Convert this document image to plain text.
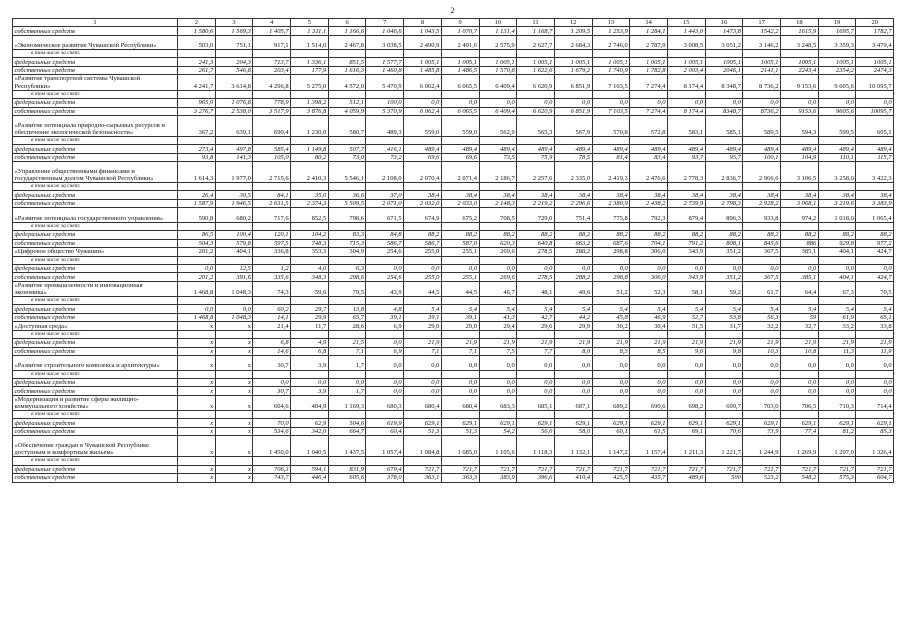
2
1	2	3	4	5	6	7	8	9	10	11	12	13	14	15	16	17	18	19	20
собственных средств	1 580,6	1 569,3	1 405,7	1 311,1	1 166,6	1 046,6	1 043,5	1 070,7	1 131,4	1 168,7	1 209,5	1 253,9	1 284,1	1 443,0	1473,8	1542,2	1615,9	1695,7	1782,7
«Экономическое развитие Чувашской Республики»	503,0	751,1	917,1	1 514,0	2 467,8	3 038,5	2 490,9	2 491,6	2 575,9	2 627,7	2 684,3	2 746,0	2 787,9	3 008,5	3 051,2	3 146,2	3 248,5	3 359,3	3 479,4
в том числе за счет:																			
федеральных средств	241,3	204,3	713,7	1 336,1	851,5	1 577,7	1 005,1	1 005,1	1 005,1	1 005,1	1 005,1	1 005,1	1 005,1	1 005,1	1005,1	1005,1	1005,1	1005,1	1005,1
собственных средств	261,7	546,8	203,4	177,9	1 616,3	1 460,8	1 485,8	1 486,5	1 570,8	1 622,6	1 679,2	1 740,9	1 782,8	2 003,4	2046,1	2141,1	2243,4	2354,2	2474,3
«Развитие транспортной системы Чувашской Республики»	4 241,7	3 614,8	4 296,8	5 275,0	4 572,0	5 470,9	6 062,4	6 065,5	6 409,4	6 620,9	6 851,9	7 103,5	7 274,4	8 174,4	8 348,7	8 736,2	9 153,6	9 605,6	10 095,7
в том числе за счет:																			
федеральных средств	965,0	1 076,8	778,9	1 398,2	512,1	100,0	0,0	0,0	0,0	0,0	0,0	0,0	0,0	0,0	0,0	0,0	0,0	0,0	0,0
собственных средств	3 276,7	2 538,0	3 517,9	3 876,8	4 059,9	5 370,9	6 062,4	6 065,5	6 409,4	6 620,9	6 851,9	7 103,5	7 274,4	8 174,4	8348,7	8736,2	9153,6	9605,6	10095,7
«Развитие потенциала природно-сырьевых ресурсов и обеспечение экологической безопасности»	367,2	639,1	690,4	1 230,0	580,7	489,3	559,0	559,0	562,9	565,3	567,9	570,8	572,8	583,1	585,1	589,5	594,3	599,5	605,1
в том числе за счет:																			
федеральных средств	273,4	497,8	585,4	1 149,8	507,7	416,1	489,4	489,4	489,4	489,4	489,4	489,4	489,4	489,4	489,4	489,4	489,4	489,4	489,4
собственных средств	93,8	141,3	105,0	80,2	73,0	73,2	69,6	69,6	73,5	75,9	78,5	81,4	83,4	93,7	95,7	100,1	104,9	110,1	115,7
«Управление общественными финансами и государственным долгом Чувашской Республики»	1 614,3	1 977,0	2 715,6	2 410,3	5 546,1	2 108,0	2 070,4	2 071,4	2 186,7	2 257,6	2 335,0	2 419,3	2 476,6	2 778,3	2 836,7	2 966,6	3 106,5	3 258,0	3 422,3
в том числе за счет:																			
федеральных средств	26,4	30,5	84,1	35,0	36,6	37,0	38,4	38,4	38,4	38,4	38,4	38,4	38,4	38,4	38,4	38,4	38,4	38,4	38,4
собственных средств	1 587,9	1 946,5	2 631,5	2 374,3	5 509,5	2 071,0	2 032,0	2 033,0	2 148,3	2 219,2	2 296,6	2 380,9	2 438,2	2 739,9	2 798,3	2 928,2	3 068,1	3 219,6	3 383,9
«Развитие потенциала государственного управления»	590,8	680,2	717,6	852,5	798,6	671,5	674,9	675,2	708,5	729,0	751,4	775,8	792,3	879,4	896,3	933,8	974,2	1 018,0	1 065,4
в том числе за счет:																			
федеральных средств	86,5	100,4	120,1	104,2	83,3	84,8	88,2	88,2	88,2	88,2	88,2	88,2	88,2	88,2	88,2	88,2	88,2	88,2	88,2
собственных средств	504,3	579,8	597,5	748,3	715,3	586,7	586,7	587,0	620,3	640,8	663,2	687,6	704,1	791,2	808,1	845,6	886	929,8	977,2
«Цифровое общество Чувашии»	201,2	404,1	336,8	353,3	304,9	254,6	255,0	255,1	269,6	278,5	288,2	298,8	306,0	343,9	351,2	367,5	385,1	404,1	424,7
в том числе за счет:																			
федеральных средств	0,0	12,5	1,2	4,0	6,3	0,0	0,0	0,0	0,0	0,0	0,0	0,0	0,0	0,0	0,0	0,0	0,0	0,0	0,0
собственных средств	201,2	391,6	335,6	348,3	298,6	254,6	255,0	255,1	269,6	278,5	288,2	298,8	306,0	343,9	351,2	367,5	385,1	404,1	424,7
«Развитие промышленности и инновационная экономика»	1 468,8	1 048,3	74,3	59,6	79,5	43,9	44,5	44,5	46,7	48,1	49,6	51,2	52,3	58,1	59,2	61,7	64,4	67,3	70,5
в том числе за счет:																			
федеральных средств	0,0	0,0	60,2	29,7	13,8	4,8	5,4	5,4	5,4	5,4	5,4	5,4	5,4	5,4	5,4	5,4	5,4	5,4	5,4
собственных средств	1 468,8	1 048,3	14,1	29,9	65,7	39,1	39,1	39,1	41,3	42,7	44,2	45,8	46,9	52,7	53,8	56,3	59	61,9	65,1
«Доступная среда»	x	x	21,4	11,7	28,6	6,9	29,0	29,0	29,4	29,6	29,9	30,2	30,4	31,5	31,7	32,2	32,7	33,2	33,8
в том числе за счет:																			
федеральных средств	x	x	6,8	4,9	21,5	0,0	21,9	21,9	21,9	21,9	21,9	21,9	21,9	21,9	21,9	21,9	21,9	21,9	21,9
собственных средств	x	x	14,6	6,8	7,1	6,9	7,1	7,1	7,5	7,7	8,0	8,3	8,5	9,6	9,8	10,3	10,8	11,3	11,9
«Развитие строительного комплекса и архитектуры»	x	x	30,7	3,9	1,7	0,0	0,0	0,0	0,0	0,0	0,0	0,0	0,0	0,0	0,0	0,0	0,0	0,0	0,0
в том числе за счет:																			
федеральных средств	x	x	0,0	0,0	0,0	0,0	0,0	0,0	0,0	0,0	0,0	0,0	0,0	0,0	0,0	0,0	0,0	0,0	0,0
собственных средств	x	x	30,7	3,9	1,7	0,0	0,0	0,0	0,0	0,0	0,0	0,0	0,0	0,0	0,0	0,0	0,0	0,0	0,0
«Модернизация и развитие сферы жилищно-коммунального хозяйства»	x	x	604,6	404,9	1 169,3	680,3	680,4	680,4	683,3	685,1	687,1	689,2	690,6	698,2	699,7	703,0	706,5	710,3	714,4
в том числе за счет:																			
федеральных средств	x	x	70,0	62,9	504,6	619,9	629,1	629,1	629,1	629,1	629,1	629,1	629,1	629,1	629,1	629,1	629,1	629,1	629,1
собственных средств	x	x	534,6	342,0	664,7	60,4	51,3	51,3	54,2	56,0	58,0	60,1	61,5	69,1	70,6	73,9	77,4	81,2	85,3
«Обеспечение граждан в Чувашской Республике доступным и комфортным жильем»	x	x	1 450,0	1 040,5	1 437,5	1 057,4	1 084,8	1 085,0	1 105,6	1 118,3	1 132,1	1 147,2	1 157,4	1 211,3	1 221,7	1 244,9	1 269,9	1 297,0	1 326,4
в том числе за счет:																			
федеральных средств	x	x	706,3	594,1	831,9	679,4	721,7	721,7	721,7	721,7	721,7	721,7	721,7	721,7	721,7	721,7	721,7	721,7	721,7
собственных средств	x	x	743,7	446,4	605,6	378,0	363,1	363,3	383,9	396,6	410,4	425,5	435,7	489,6	500	523,2	548,2	575,3	604,7
